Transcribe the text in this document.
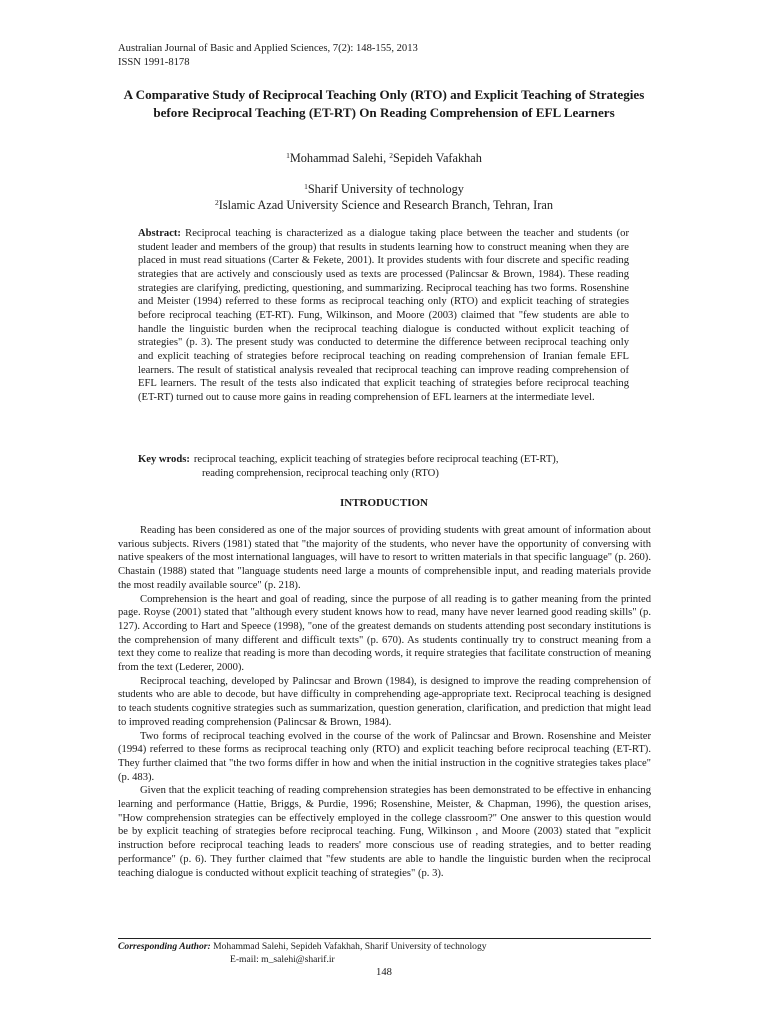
Australian Journal of Basic and Applied Sciences, 7(2): 148-155, 2013
ISSN 1991-8178
A Comparative Study of Reciprocal Teaching Only (RTO) and Explicit Teaching of Strategies before Reciprocal Teaching (ET-RT) On Reading Comprehension of EFL Learners
$^1$Mohammad Salehi, $^2$Sepideh Vafakhah
$^1$Sharif University of technology
$^2$Islamic Azad University Science and Research Branch, Tehran, Iran
Abstract: Reciprocal teaching is characterized as a dialogue taking place between the teacher and students (or student leader and members of the group) that results in students learning how to construct meaning when they are placed in must read situations (Carter & Fekete, 2001). It provides students with four discrete and specific reading strategies that are actively and consciously used as texts are processed (Palincsar & Brown, 1984). These reading strategies are clarifying, predicting, questioning, and summarizing. Reciprocal teaching has two forms. Rosenshine and Meister (1994) referred to these forms as reciprocal teaching only (RTO) and explicit teaching of strategies before reciprocal teaching (ET-RT). Fung, Wilkinson, and Moore (2003) claimed that "few students are able to handle the linguistic burden when the reciprocal teaching dialogue is conducted without explicit teaching of strategies" (p. 3). The present study was conducted to determine the difference between reciprocal teaching only and explicit teaching of strategies before reciprocal teaching on reading comprehension of Iranian female EFL learners. The result of statistical analysis revealed that reciprocal teaching can improve reading comprehension of EFL learners. The result of the tests also indicated that explicit teaching of strategies before reciprocal teaching (ET-RT) turned out to cause more gains in reading comprehension of EFL learners at the intermediate level.
Key wrods: reciprocal teaching, explicit teaching of strategies before reciprocal teaching (ET-RT),
reading comprehension, reciprocal teaching only (RTO)
INTRODUCTION

Reading has been considered as one of the major sources of providing students with great amount of information about various subjects. Rivers (1981) stated that "the majority of the students, who never have the opportunity of conversing with native speakers of the most international languages, will have to resort to written materials in that specific language" (p. 260). Chastain (1988) stated that "language students need large a mounts of comprehensible input, and reading materials provide the most readily available source" (p. 218).

Comprehension is the heart and goal of reading, since the purpose of all reading is to gather meaning from the printed page. Royse (2001) stated that "although every student knows how to read, many have never learned good reading skills" (p. 127). According to Hart and Speece (1998), "one of the greatest demands on students attending post secondary institutions is the comprehension of many different and difficult texts" (p. 670). As students continually try to construct meaning from a text they come to realize that reading is more than decoding words, it require strategies that facilitate construction of meaning from the text (Lederer, 2000).

Reciprocal teaching, developed by Palincsar and Brown (1984), is designed to improve the reading comprehension of students who are able to decode, but have difficulty in comprehending age-appropriate text. Reciprocal teaching is designed to teach students cognitive strategies such as summarization, question generation, clarification, and prediction that might lead to improved reading comprehension (Palincsar & Brown, 1984).

Two forms of reciprocal teaching evolved in the course of the work of Palincsar and Brown. Rosenshine and Meister (1994) referred to these forms as reciprocal teaching only (RTO) and explicit teaching before reciprocal teaching (ET-RT). They further claimed that "the two forms differ in how and when the initial instruction in the cognitive strategies takes place" (p. 483).

Given that the explicit teaching of reading comprehension strategies has been demonstrated to be effective in enhancing learning and performance (Hattie, Briggs, & Purdie, 1996; Rosenshine, Meister, & Chapman, 1996), the question arises, "How comprehension strategies can be effectively employed in the college classroom?" One answer to this question would be by explicit teaching of strategies before reciprocal teaching. Fung, Wilkinson , and Moore (2003) stated that "explicit instruction before reciprocal teaching leads to readers' more conscious use of reading strategies, and to better reading performance" (p. 6). They further claimed that "few students are able to handle the linguistic burden when the reciprocal teaching dialogue is conducted without explicit teaching of strategies" (p. 3).

Corresponding Author: Mohammad Salehi, Sepideh Vafakhah, Sharif University of technology
E-mail: m_salehi@sharif.ir
148
